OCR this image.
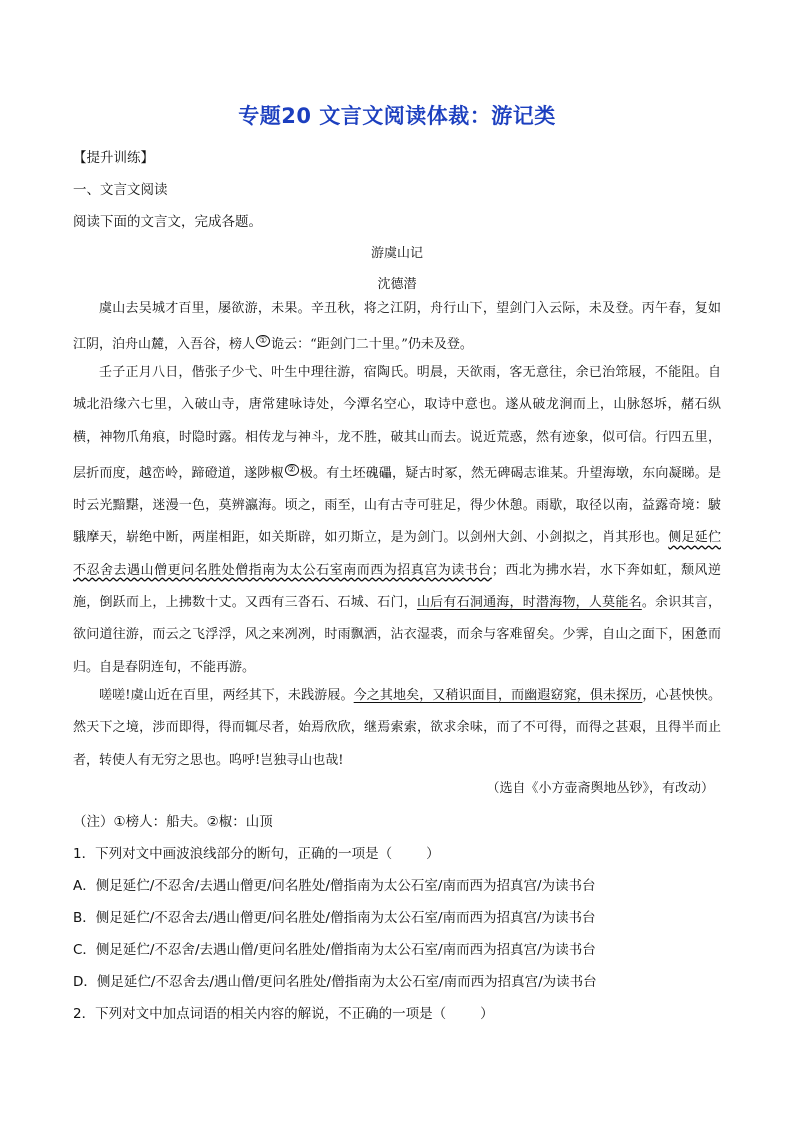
专题20 文言文阅读体裁：游记类
【提升训练】
一、文言文阅读
阅读下面的文言文，完成各题。
游虞山记
沈德潜
虞山去吴城才百里，屡欲游，未果。辛丑秋，将之江阴，舟行山下，望剑门入云际，未及登。丙午春，复如江阴，泊舟山麓，入吾谷，榜人 ① 诡云：“距剑门二十里。”仍未及登。
壬子正月八日，偕张子少弋、叶生中理往游，宿陶氏。明晨，天欲雨，客无意往，余已治筇屐，不能阻。自城北沿缘六七里，入破山寺，唐常建咏诗处，今潭名空心，取诗中意也。遂从破龙涧而上，山脉怒坼，赭石纵横，神物爪角痕，时隐时露。相传龙与神斗，龙不胜，破其山而去。说近荒惑，然有迹象，似可信。行四五里，层折而度，越峦岭，蹄磴道，遂陟椒 ② 极。有土坯磈礧，疑古时冢，然无碑碣志谁某。升望海墩，东向凝睇。是时云光黯黮，迷漫一色，莫辨瀛海。顷之，雨至，山有古寺可驻足，得少休憩。雨歇，取径以南，益露奇境：駊騀摩天，崭绝中断，两崖相距，如关斯辟，如刃斯立，是为剑门。以剑州大剑、小剑拟之，肖其形也。侧足延伫不忍舍去遇山僧更问名胜处僧指南为太公石室南而西为招真宫为读书台；西北为拂水岩，水下奔如虹，颓风逆施，倒跃而上，上拂数十丈。又西有三沓石、石城、石门，山后有石洞通海，时潜海物，人莫能名。余识其言，欲问道往游，而云之飞浮浮，风之来冽冽，时雨飘洒，沾衣湿裘，而余与客难留矣。少霁，自山之面下，困惫而归。自是春阴连旬，不能再游。
嗟嗟!虞山近在百里，两经其下，未践游屐。今之其地矣，又稍识面目，而幽遐窈窕，俱未探历，心甚怏怏。然天下之境，涉而即得，得而辄尽者，始焉欣欣，继焉索索，欲求余味，而了不可得，而得之甚艰，且得半而止者，转使人有无穷之思也。呜呼!岂独寻山也哉!
（选自《小方壶斋舆地丛钞》，有改动）
（注）①榜人：船夫。②椒：山顶
1．下列对文中画波浪线部分的断句，正确的一项是（	）
A．侧足延伫/不忍舍/去遇山僧更/问名胜处/僧指南为太公石室/南而西为招真宫/为读书台
B．侧足延伫/不忍舍去/遇山僧更/问名胜处/僧指南为太公石室/南而西为招真宫/为读书台
C．侧足延伫/不忍舍/去遇山僧/更问名胜处/僧指南为太公石室/南而西为招真宫/为读书台
D．侧足延伫/不忍舍去/遇山僧/更问名胜处/僧指南为太公石室/南而西为招真宫/为读书台
2．下列对文中加点词语的相关内容的解说，不正确的一项是（	）
